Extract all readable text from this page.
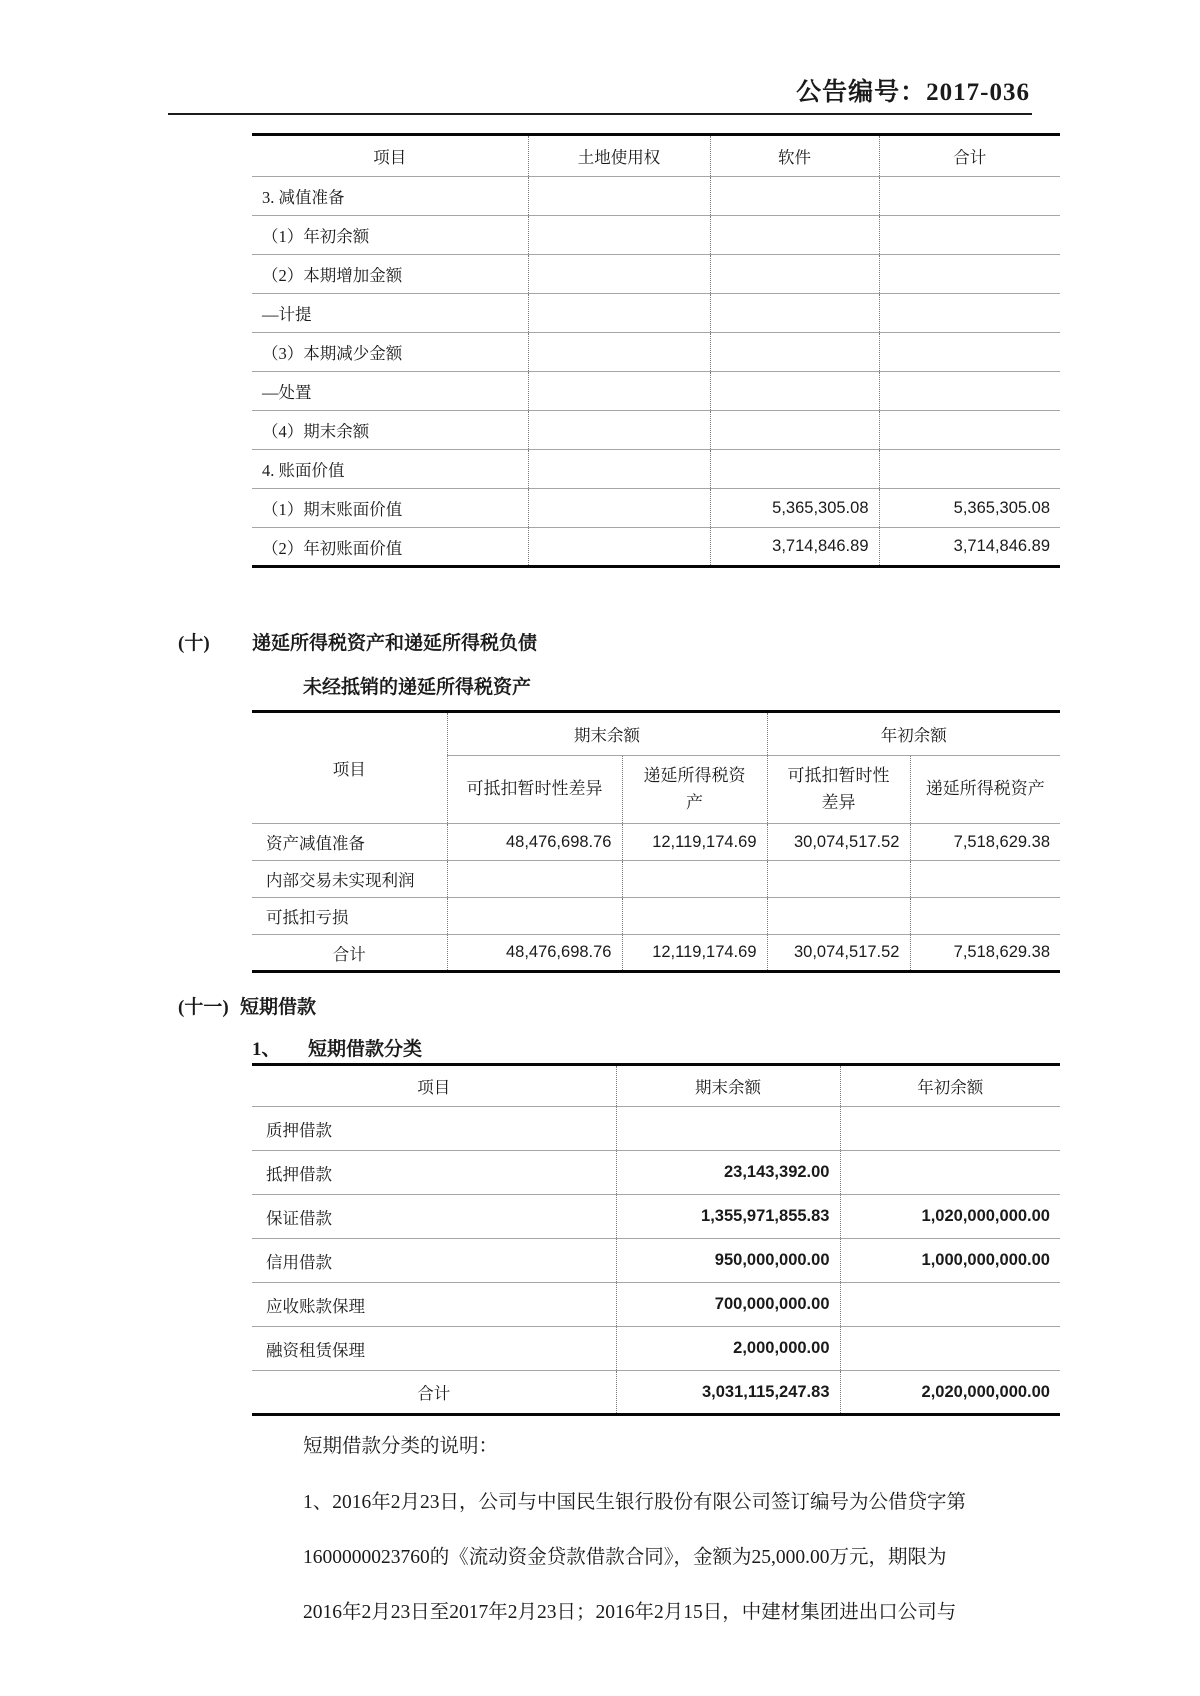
公告编号：2017-036
项目	土地使用权	软件	合计
3. 减值准备			
（1）年初余额			
（2）本期增加金额			
—计提			
（3）本期减少金额			
—处置			
（4）期末余额			
4. 账面价值			
（1）期末账面价值		5,365,305.08	5,365,305.08
（2）年初账面价值		3,714,846.89	3,714,846.89
(十) 递延所得税资产和递延所得税负债
未经抵销的递延所得税资产
项目	期末余额		年初余额	
	可抵扣暂时性差异	递延所得税资产	可抵扣暂时性差异	递延所得税资产
资产减值准备	48,476,698.76	12,119,174.69	30,074,517.52	7,518,629.38
内部交易未实现利润				
可抵扣亏损				
合计	48,476,698.76	12,119,174.69	30,074,517.52	7,518,629.38
(十一) 短期借款
1、 短期借款分类
项目	期末余额	年初余额
质押借款		
抵押借款	23,143,392.00	
保证借款	1,355,971,855.83	1,020,000,000.00
信用借款	950,000,000.00	1,000,000,000.00
应收账款保理	700,000,000.00	
融资租赁保理	2,000,000.00	
合计	3,031,115,247.83	2,020,000,000.00
短期借款分类的说明：
1、2016年2月23日，公司与中国民生银行股份有限公司签订编号为公借贷字第
1600000023760的《流动资金贷款借款合同》，金额为25,000.00万元，期限为
2016年2月23日至2017年2月23日；2016年2月15日，中建材集团进出口公司与
